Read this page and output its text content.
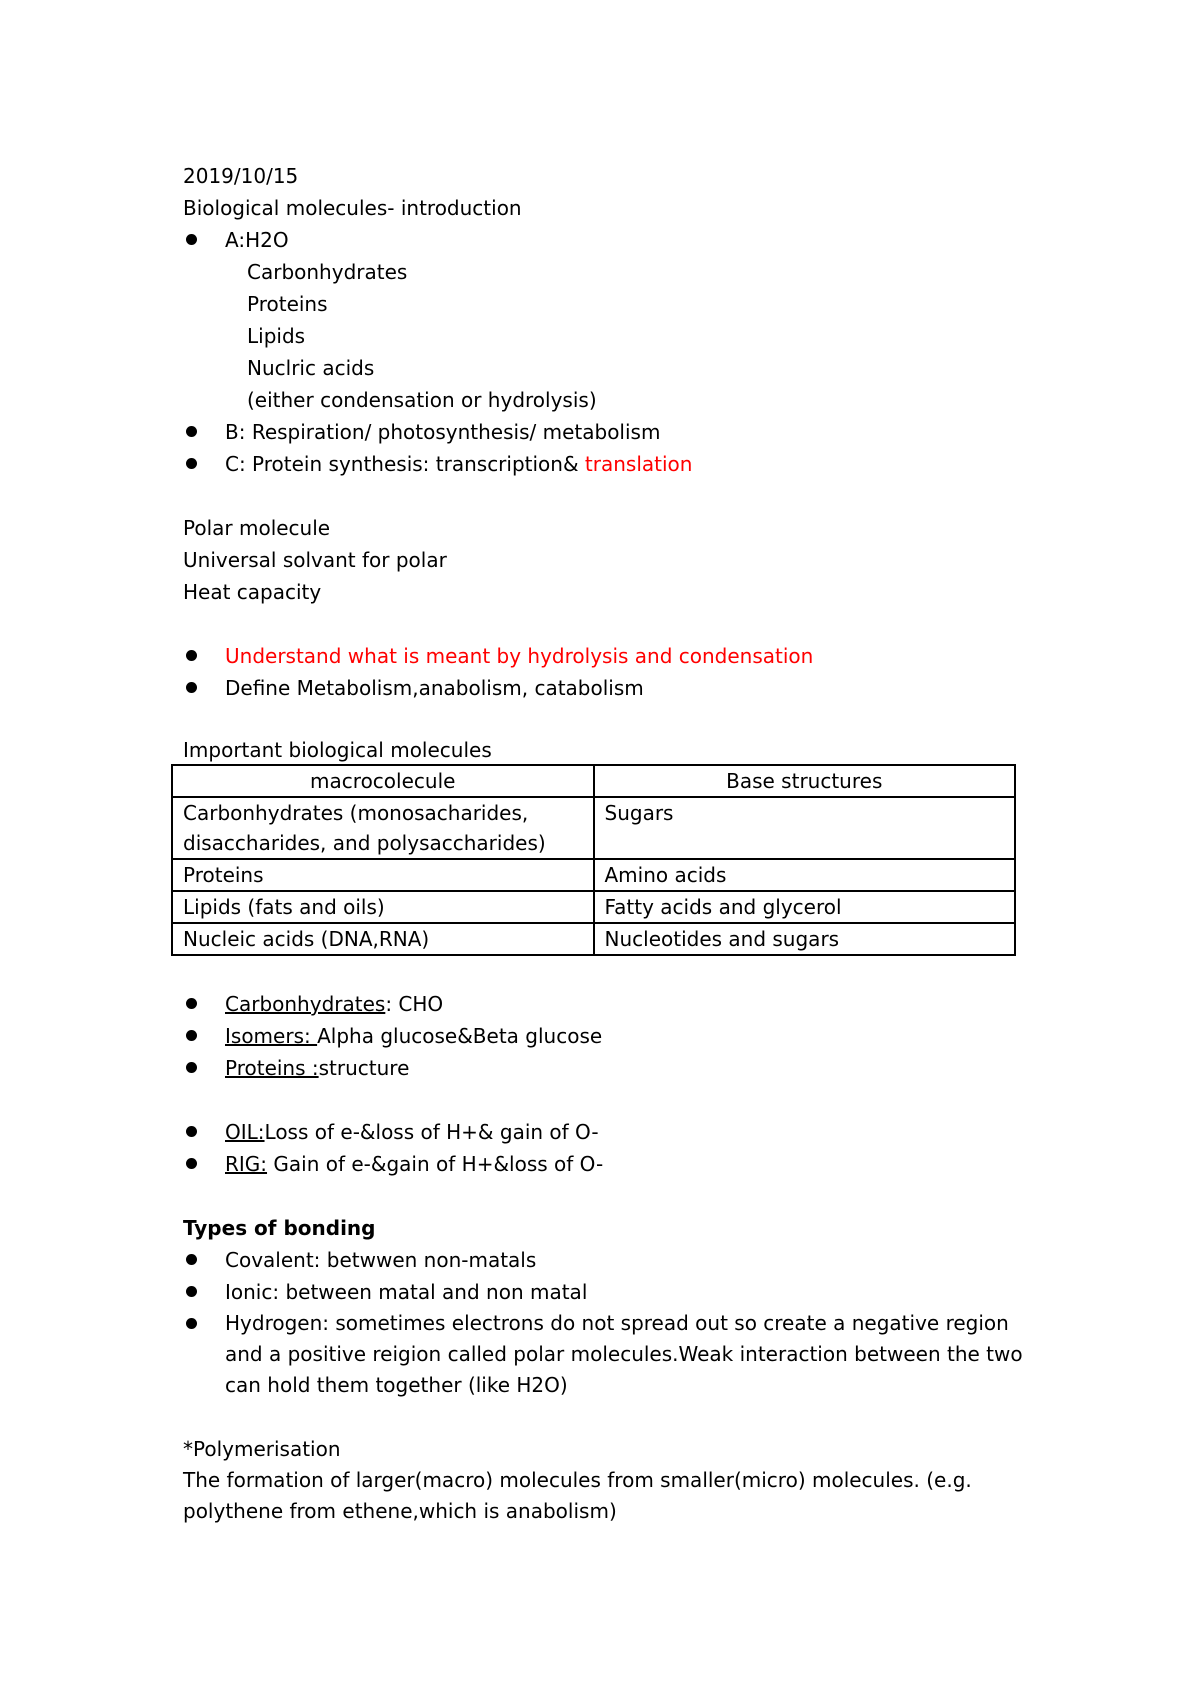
2019/10/15
Biological molecules- introduction
A:H2O
Carbonhydrates
Proteins
Lipids
Nuclric acids
(either condensation or hydrolysis)
B: Respiration/ photosynthesis/ metabolism
C: Protein synthesis: transcription& translation
Polar molecule
Universal solvant for polar
Heat capacity
Understand what is meant by hydrolysis and condensation
Define Metabolism,anabolism, catabolism
Important biological molecules
macrocolecule	Base structures
Carbonhydrates (monosacharides, disaccharides, and polysaccharides)	Sugars
Proteins	Amino acids
Lipids (fats and oils)	Fatty acids and glycerol
Nucleic acids (DNA,RNA)	Nucleotides and sugars
Carbonhydrates: CHO
Isomers: Alpha glucose&Beta glucose
Proteins :structure
OIL:Loss of e-&loss of H+& gain of O-
RIG: Gain of e-&gain of H+&loss of O-
Types of bonding
Covalent: betwwen non-matals
Ionic: between matal and non matal
Hydrogen: sometimes electrons do not spread out so create a negative region and a positive reigion called polar molecules.Weak interaction between the two can hold them together (like H2O)
*Polymerisation
The formation of larger(macro) molecules from smaller(micro) molecules. (e.g. polythene from ethene,which is anabolism)
